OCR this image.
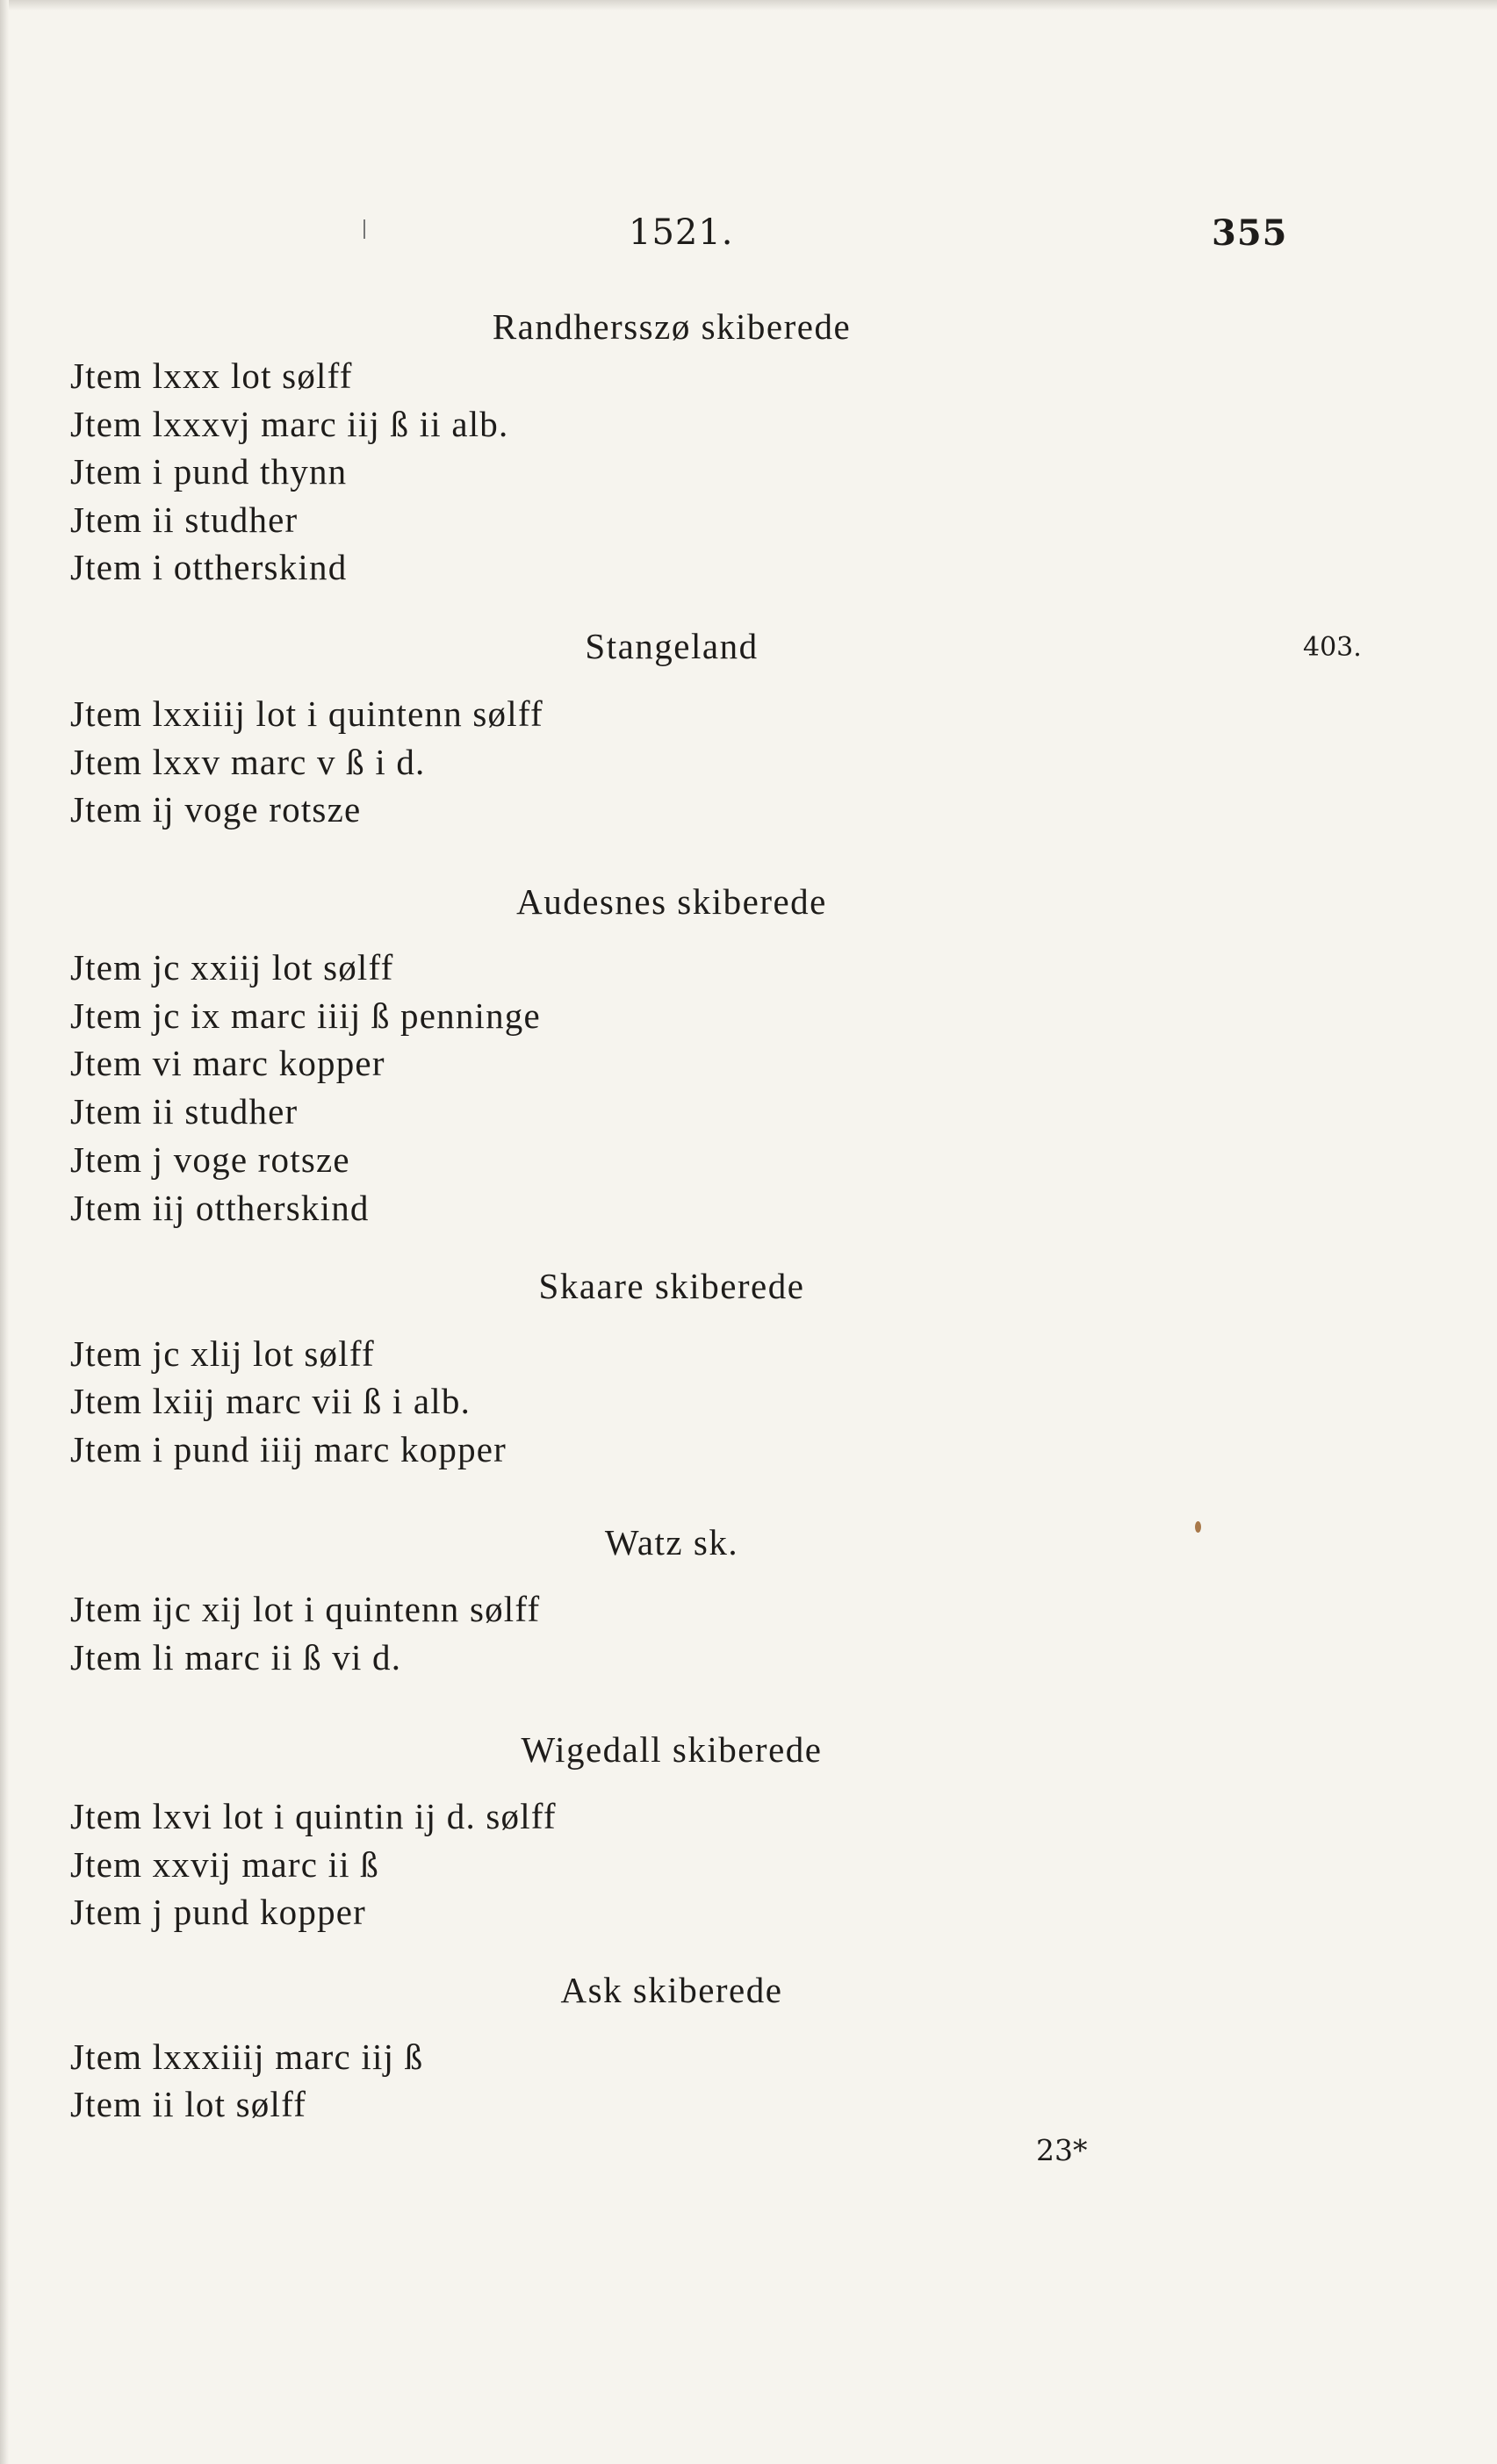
1521.	355
Randhersszø skiberede
Jtem lxxx lot sølff
Jtem lxxxvj marc iij ß ii alb.
Jtem i pund thynn
Jtem ii studher
Jtem i ottherskind
Stangeland	403.
Jtem lxxiiij lot i quintenn sølff
Jtem lxxv marc v ß i d.
Jtem ij voge rotsze
Audesnes skiberede
Jtem jc xxiij lot sølff
Jtem jc ix marc iiij ß penninge
Jtem vi marc kopper
Jtem ii studher
Jtem j voge rotsze
Jtem iij ottherskind
Skaare skiberede
Jtem jc xlij lot sølff
Jtem lxiij marc vii ß i alb.
Jtem i pund iiij marc kopper
Watz sk.
Jtem ijc xij lot i quintenn sølff
Jtem li marc ii ß vi d.
Wigedall skiberede
Jtem lxvi lot i quintin ij d. sølff
Jtem xxvij marc ii ß
Jtem j pund kopper
Ask skiberede
Jtem lxxxiiij marc iij ß
Jtem ii lot sølff
23*
